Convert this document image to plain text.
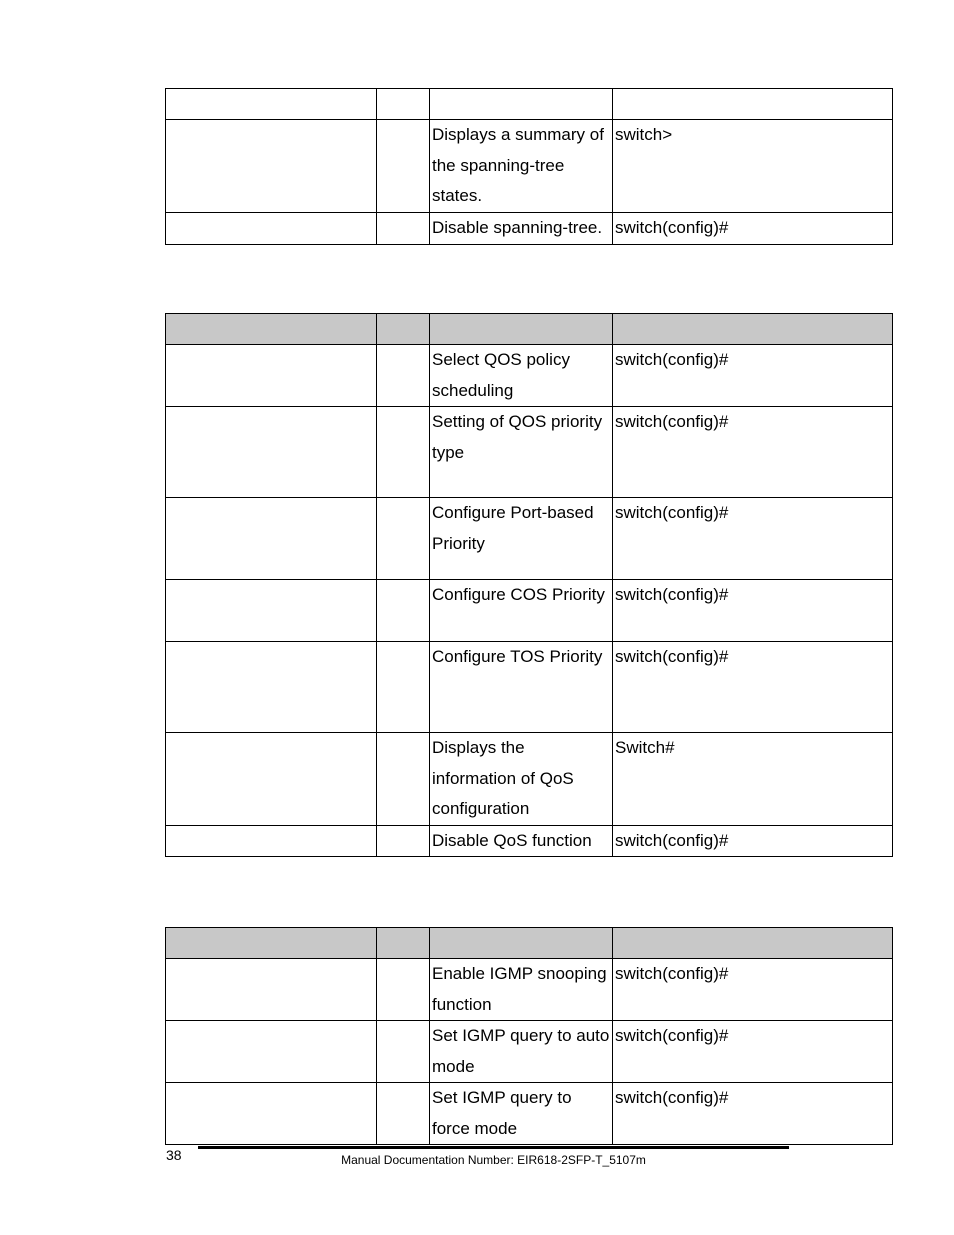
		Displays a summary of the spanning-tree states.	switch>
		Disable spanning-tree.	switch(config)#

		Select QOS policy scheduling	switch(config)#
		Setting of QOS priority type	switch(config)#
		Configure Port-based Priority	switch(config)#
		Configure COS Priority	switch(config)#
		Configure TOS Priority	switch(config)#
		Displays the information of QoS configuration	Switch#
		Disable QoS function	switch(config)#

		Enable IGMP snooping function	switch(config)#
		Set IGMP query to auto mode	switch(config)#
		Set IGMP query to force mode	switch(config)#
38	Manual Documentation Number: EIR618-2SFP-T_5107m
